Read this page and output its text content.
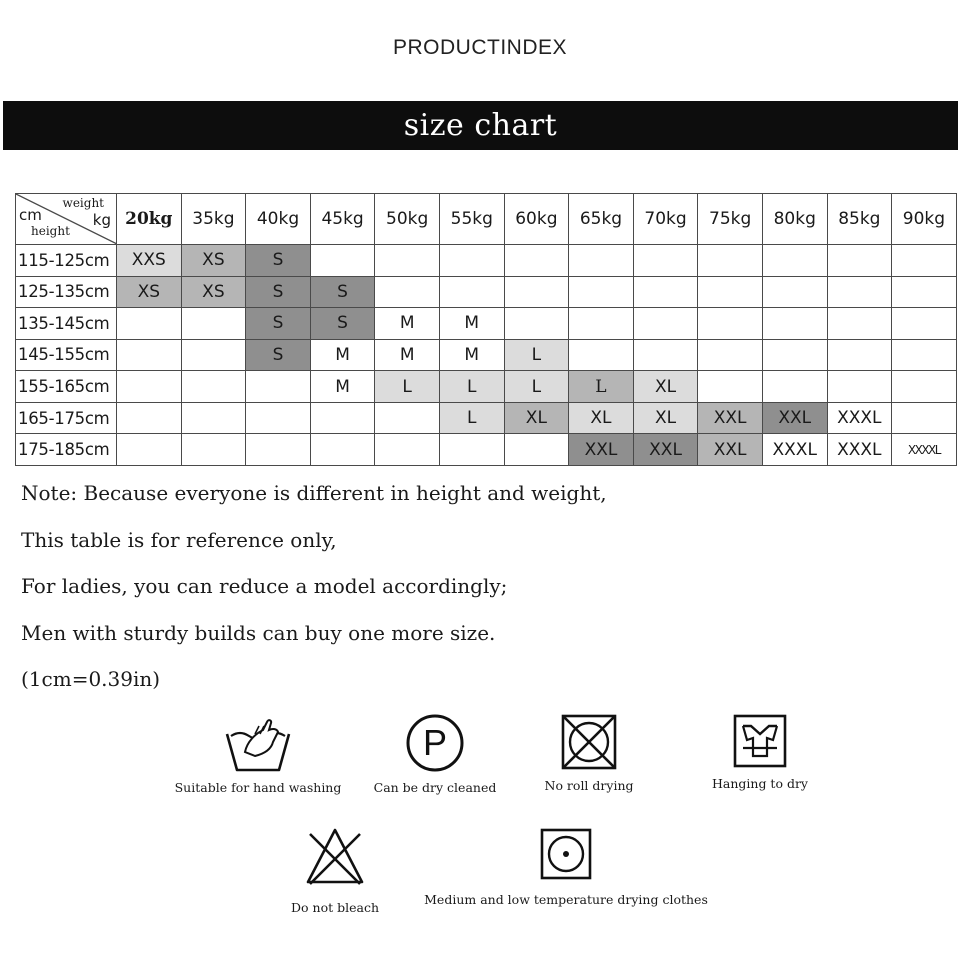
PRODUCTINDEX
size chart
weight
kg
cm
height	20kg	35kg	40kg	45kg	50kg	55kg	60kg	65kg	70kg	75kg	80kg	85kg	90kg
115-125cm	XXS	XS	S										
125-135cm	XS	XS	S	S									
135-145cm			S	S	M	M							
145-155cm			S	M	M	M	L						
155-165cm				M	L	L	L	L	XL				
165-175cm						L	XL	XL	XL	XXL	XXL	XXXL	
175-185cm								XXL	XXL	XXL	XXXL	XXXL	XXXXL

Note: Because everyone is different in height and weight,

This table is for reference only,

For ladies, you can reduce a model accordingly;

Men with sturdy builds can buy one more size.

(1cm=0.39in)

Suitable for hand washing
P
Can be dry cleaned	No roll drying	Hanging to dry
Do not bleach
Medium and low temperature drying clothes
